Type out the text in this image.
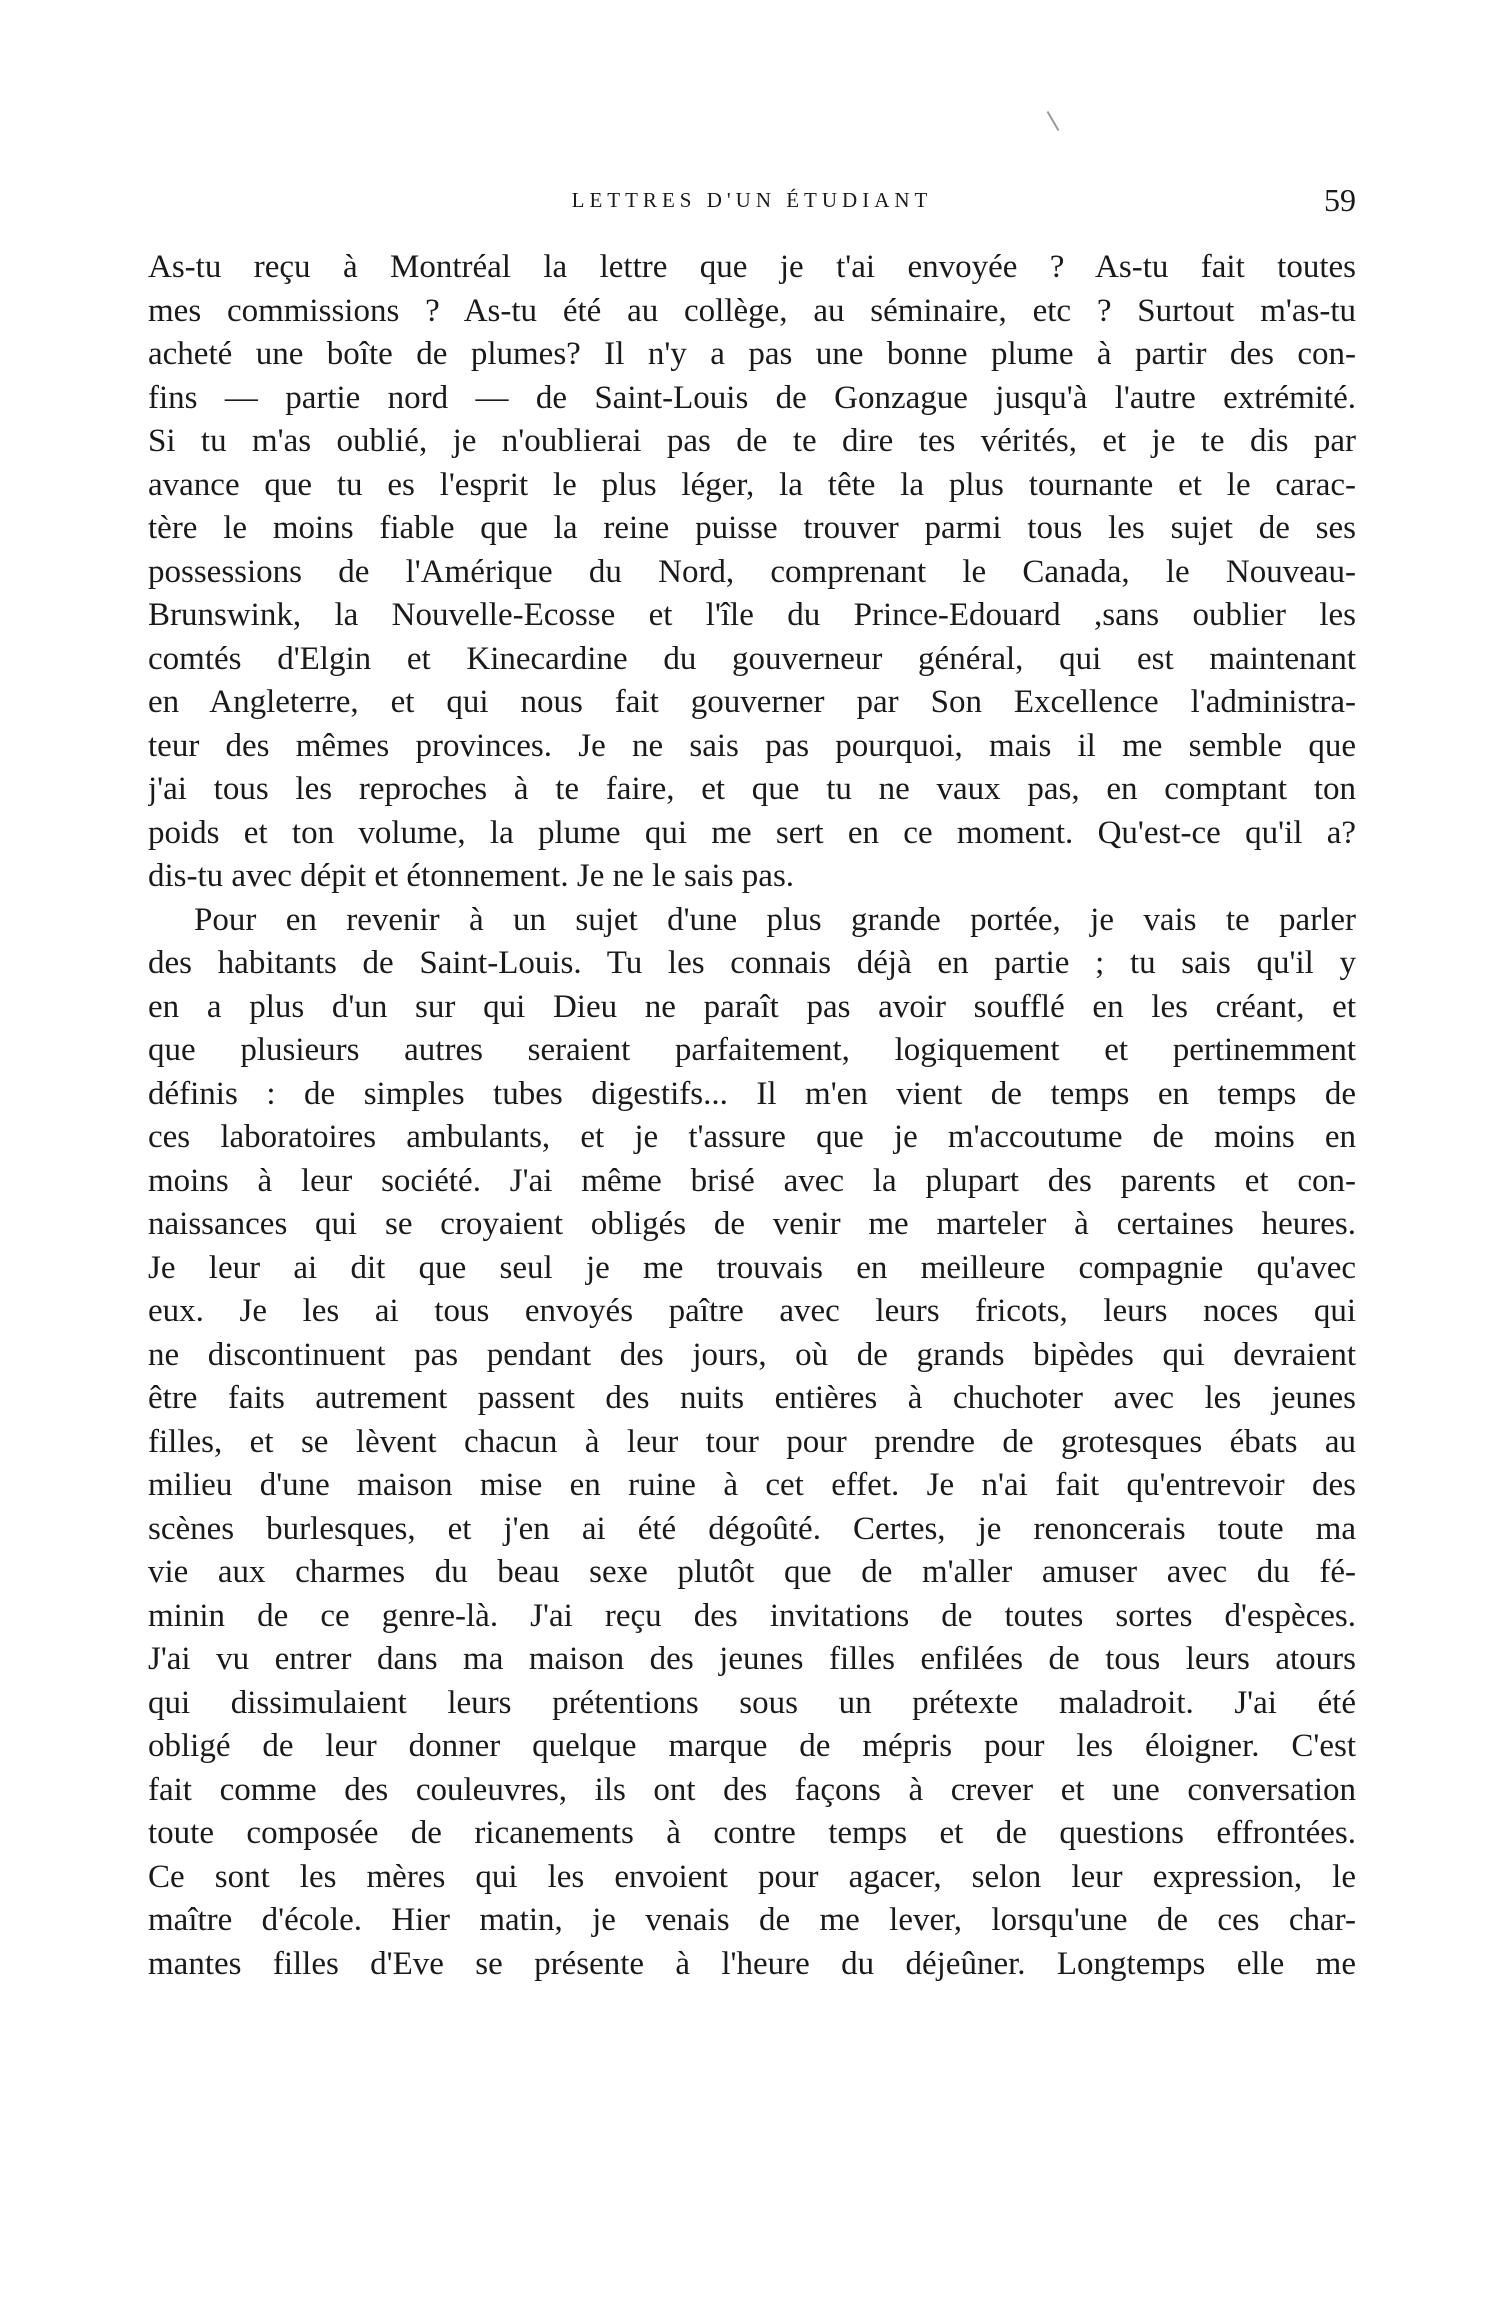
LETTRES D'UN ÉTUDIANT	59
As-tu reçu à Montréal la lettre que je t'ai envoyée ? As-tu fait toutes
mes commissions ? As-tu été au collège, au séminaire, etc ? Surtout m'as-tu
acheté une boîte de plumes? Il n'y a pas une bonne plume à partir des con-
fins — partie nord — de Saint-Louis de Gonzague jusqu'à l'autre extrémité.
Si tu m'as oublié, je n'oublierai pas de te dire tes vérités, et je te dis par
avance que tu es l'esprit le plus léger, la tête la plus tournante et le carac-
tère le moins fiable que la reine puisse trouver parmi tous les sujet de ses
possessions de l'Amérique du Nord, comprenant le Canada, le Nouveau-
Brunswink, la Nouvelle-Ecosse et l'île du Prince-Edouard ,sans oublier les
comtés d'Elgin et Kinecardine du gouverneur général, qui est maintenant
en Angleterre, et qui nous fait gouverner par Son Excellence l'administra-
teur des mêmes provinces. Je ne sais pas pourquoi, mais il me semble que
j'ai tous les reproches à te faire, et que tu ne vaux pas, en comptant ton
poids et ton volume, la plume qui me sert en ce moment. Qu'est-ce qu'il a?
dis-tu avec dépit et étonnement. Je ne le sais pas.
Pour en revenir à un sujet d'une plus grande portée, je vais te parler
des habitants de Saint-Louis. Tu les connais déjà en partie ; tu sais qu'il y
en a plus d'un sur qui Dieu ne paraît pas avoir soufflé en les créant, et
que plusieurs autres seraient parfaitement, logiquement et pertinemment
définis : de simples tubes digestifs... Il m'en vient de temps en temps de
ces laboratoires ambulants, et je t'assure que je m'accoutume de moins en
moins à leur société. J'ai même brisé avec la plupart des parents et con-
naissances qui se croyaient obligés de venir me marteler à certaines heures.
Je leur ai dit que seul je me trouvais en meilleure compagnie qu'avec
eux. Je les ai tous envoyés paître avec leurs fricots, leurs noces qui
ne discontinuent pas pendant des jours, où de grands bipèdes qui devraient
être faits autrement passent des nuits entières à chuchoter avec les jeunes
filles, et se lèvent chacun à leur tour pour prendre de grotesques ébats au
milieu d'une maison mise en ruine à cet effet. Je n'ai fait qu'entrevoir des
scènes burlesques, et j'en ai été dégoûté. Certes, je renoncerais toute ma
vie aux charmes du beau sexe plutôt que de m'aller amuser avec du fé-
minin de ce genre-là. J'ai reçu des invitations de toutes sortes d'espèces.
J'ai vu entrer dans ma maison des jeunes filles enfilées de tous leurs atours
qui dissimulaient leurs prétentions sous un prétexte maladroit. J'ai été
obligé de leur donner quelque marque de mépris pour les éloigner. C'est
fait comme des couleuvres, ils ont des façons à crever et une conversation
toute composée de ricanements à contre temps et de questions effrontées.
Ce sont les mères qui les envoient pour agacer, selon leur expression, le
maître d'école. Hier matin, je venais de me lever, lorsqu'une de ces char-
mantes filles d'Eve se présente à l'heure du déjeûner. Longtemps elle me
